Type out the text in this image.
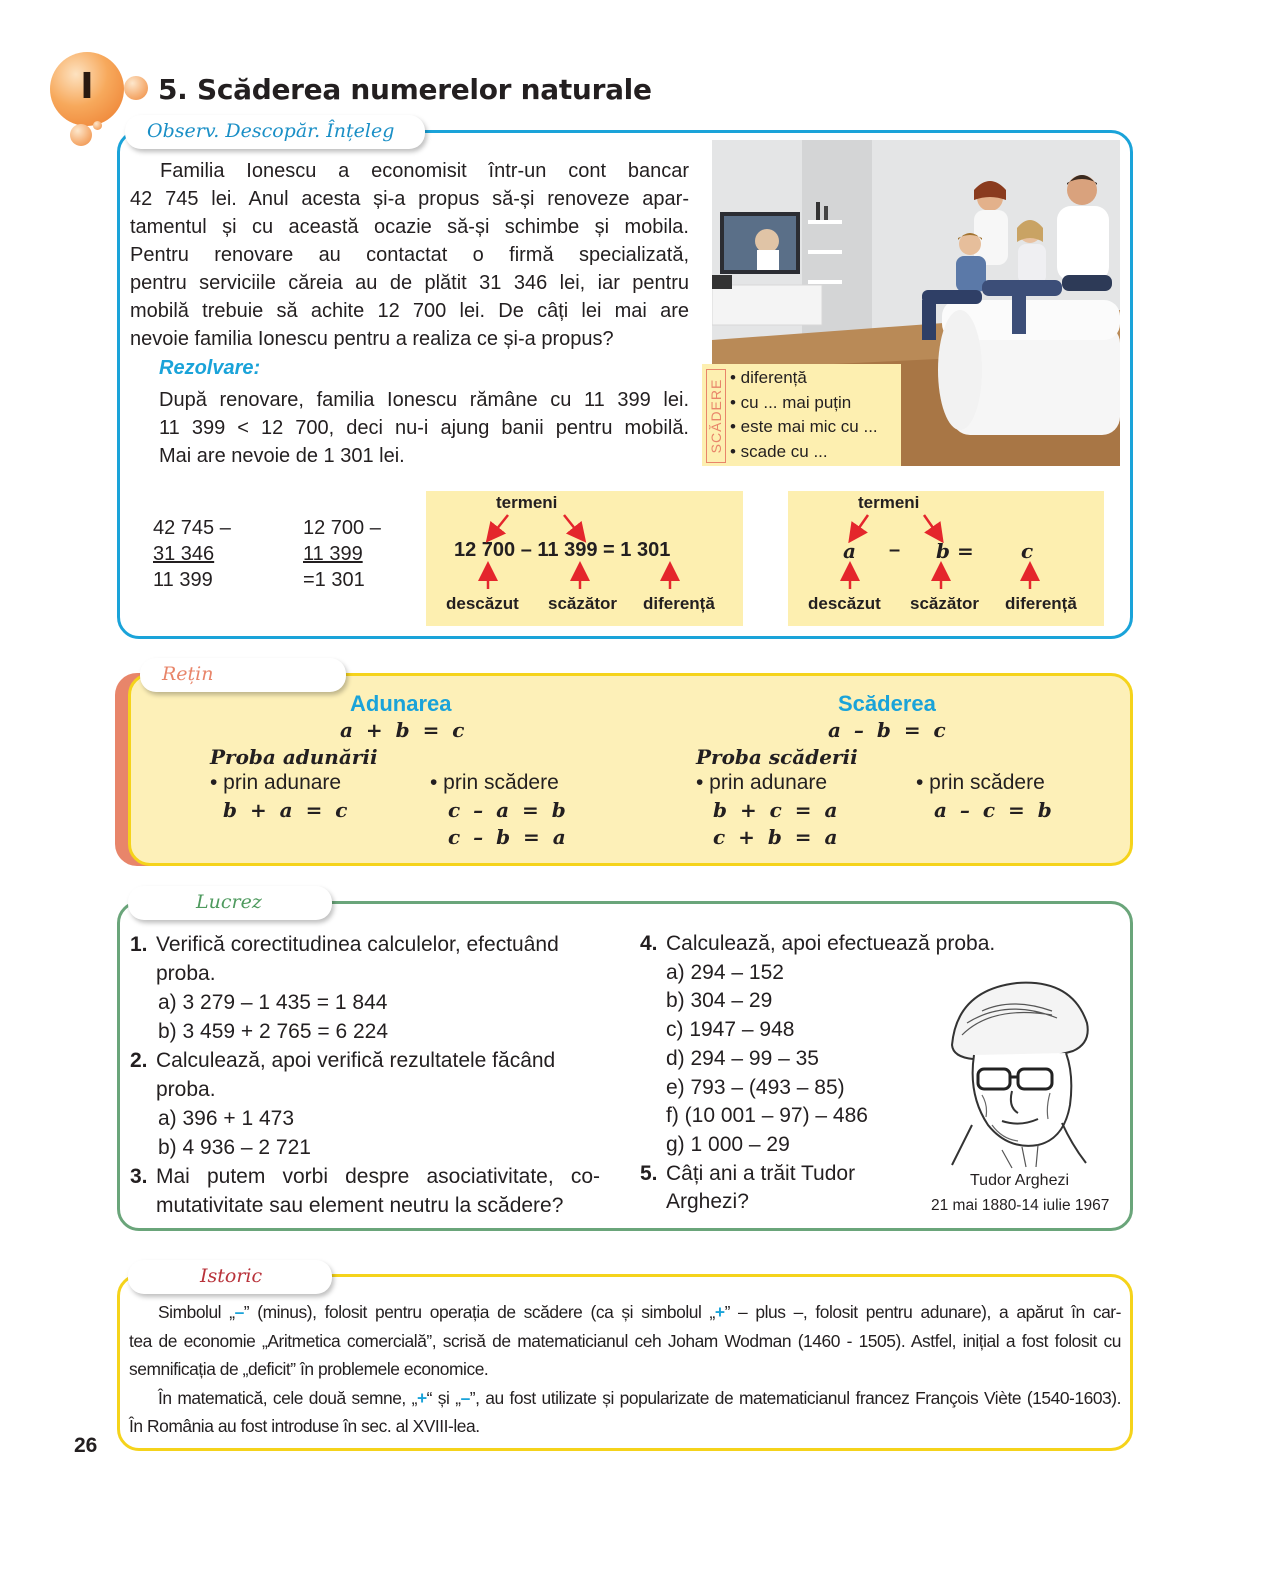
I	5. Scăderea numerelor naturale
Observ. Descopăr. Înțeleg
Familia Ionescu a economisit într-un cont bancar
42 745 lei. Anul acesta și-a propus să-și renoveze apar-
tamentul și cu această ocazie să-și schimbe și mobila.
Pentru renovare au contactat o firmă specializată,
pentru serviciile căreia au de plătit 31 346 lei, iar pentru
mobilă trebuie să achite 12 700 lei. De câți lei mai are
nevoie familia Ionescu pentru a realiza ce și-a propus?
Rezolvare:
După renovare, familia Ionescu rămâne cu 11 399 lei.
11 399 < 12 700, deci nu-i ajung banii pentru mobilă.
Mai are nevoie de 1 301 lei.
SCĂDERE
• diferență
• cu ... mai puțin
• este mai mic cu ...
• scade cu ...
42 745 –
31 346
11 399
12 700 –
11 399
=1 301
termeni
12 700 – 11 399 = 1 301
descăzut scăzător diferență
termeni
a – b = c
descăzut scăzător diferență
Rețin
Adunarea
a + b = c
Proba adunării
• prin adunare
b + a = c
• prin scădere
c – a = b
c – b = a
Scăderea
a – b = c
Proba scăderii
• prin adunare
b + c = a
c + b = a
• prin scădere
a – c = b
Lucrez
1. Verifică corectitudinea calculelor, efectuând
proba.
a) 3 279 – 1 435 = 1 844
b) 3 459 + 2 765 = 6 224
2. Calculează, apoi verifică rezultatele făcând
proba.
a) 396 + 1 473
b) 4 936 – 2 721
3. Mai putem vorbi despre asociativitate, co-
mutativitate sau element neutru la scădere?
4. Calculează, apoi efectuează proba.
a) 294 – 152
b) 304 – 29
c) 1947 – 948
d) 294 – 99 – 35
e) 793 – (493 – 85)
f) (10 001 – 97) – 486
g) 1 000 – 29
5. Câți ani a trăit Tudor
Arghezi?
Tudor Arghezi
21 mai 1880-14 iulie 1967
Istoric
Simbolul „–” (minus), folosit pentru operația de scădere (ca și simbolul „+” – plus –, folosit pentru adunare), a apărut în car-
tea de economie „Aritmetica comercială”, scrisă de matematicianul ceh Joham Wodman (1460 - 1505). Astfel, inițial a fost folosit cu
semnificația de „deficit” în problemele economice.
În matematică, cele două semne, „+“ și „–”, au fost utilizate și popularizate de matematicianul francez François Viète (1540-1603).
În România au fost introduse în sec. al XVIII-lea.
26
